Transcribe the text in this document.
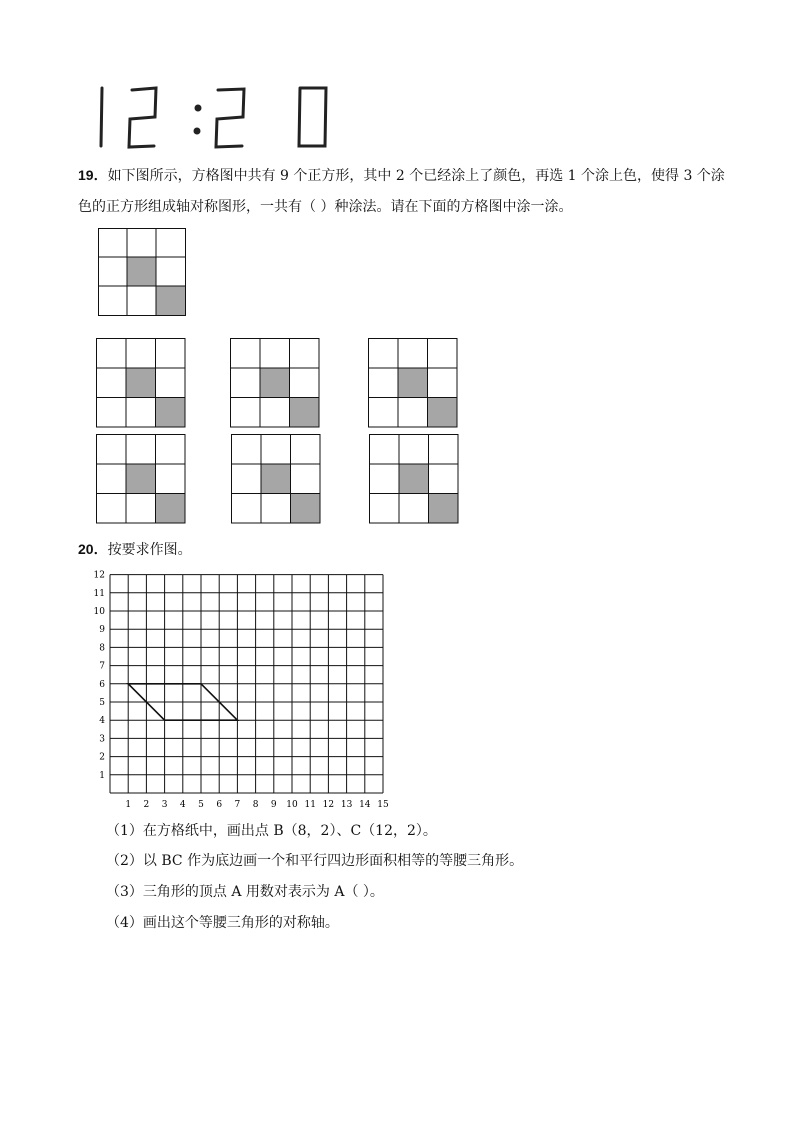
19．如下图所示，方格图中共有 9 个正方形，其中 2 个已经涂上了颜色，再选 1 个涂上色，使得 3 个涂
色的正方形组成轴对称图形，一共有（ ）种涂法。请在下面的方格图中涂一涂。
20．按要求作图。
1 2 3 4 5 6 7 8 9 10 11 12 13 14 15
12
11
10
9
8
7
6
5
4
3
2
1
（1）在方格纸中，画出点 B（8，2）、C（12，2）。
（2）以 BC 作为底边画一个和平行四边形面积相等的等腰三角形。
（3）三角形的顶点 A 用数对表示为 A（ ）。
（4）画出这个等腰三角形的对称轴。
